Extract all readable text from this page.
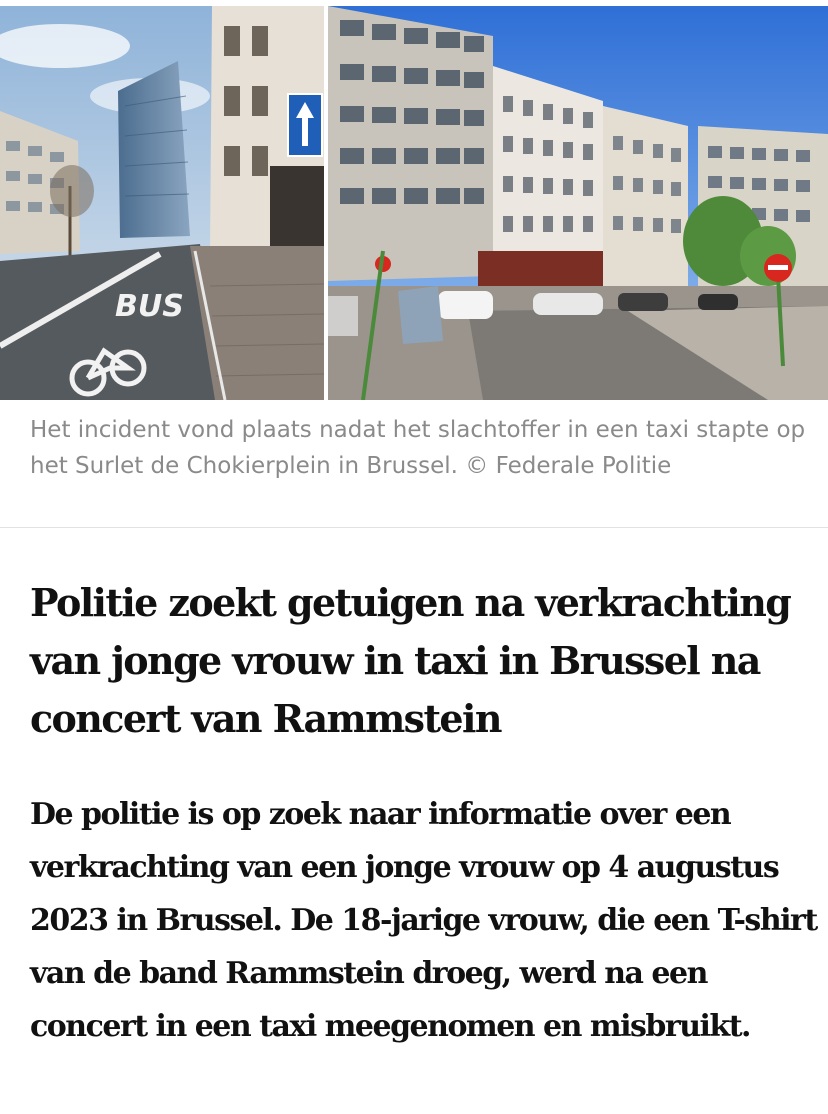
BUS

Het incident vond plaats nadat het slachtoffer in een taxi stapte op het Surlet de Chokierplein in Brussel. © Federale Politie

Politie zoekt getuigen na verkrachting van jonge vrouw in taxi in Brussel na concert van Rammstein

De politie is op zoek naar informatie over een verkrachting van een jonge vrouw op 4 augustus 2023 in Brussel. De 18-jarige vrouw, die een T-shirt van de band Rammstein droeg, werd na een concert in een taxi meegenomen en misbruikt.
